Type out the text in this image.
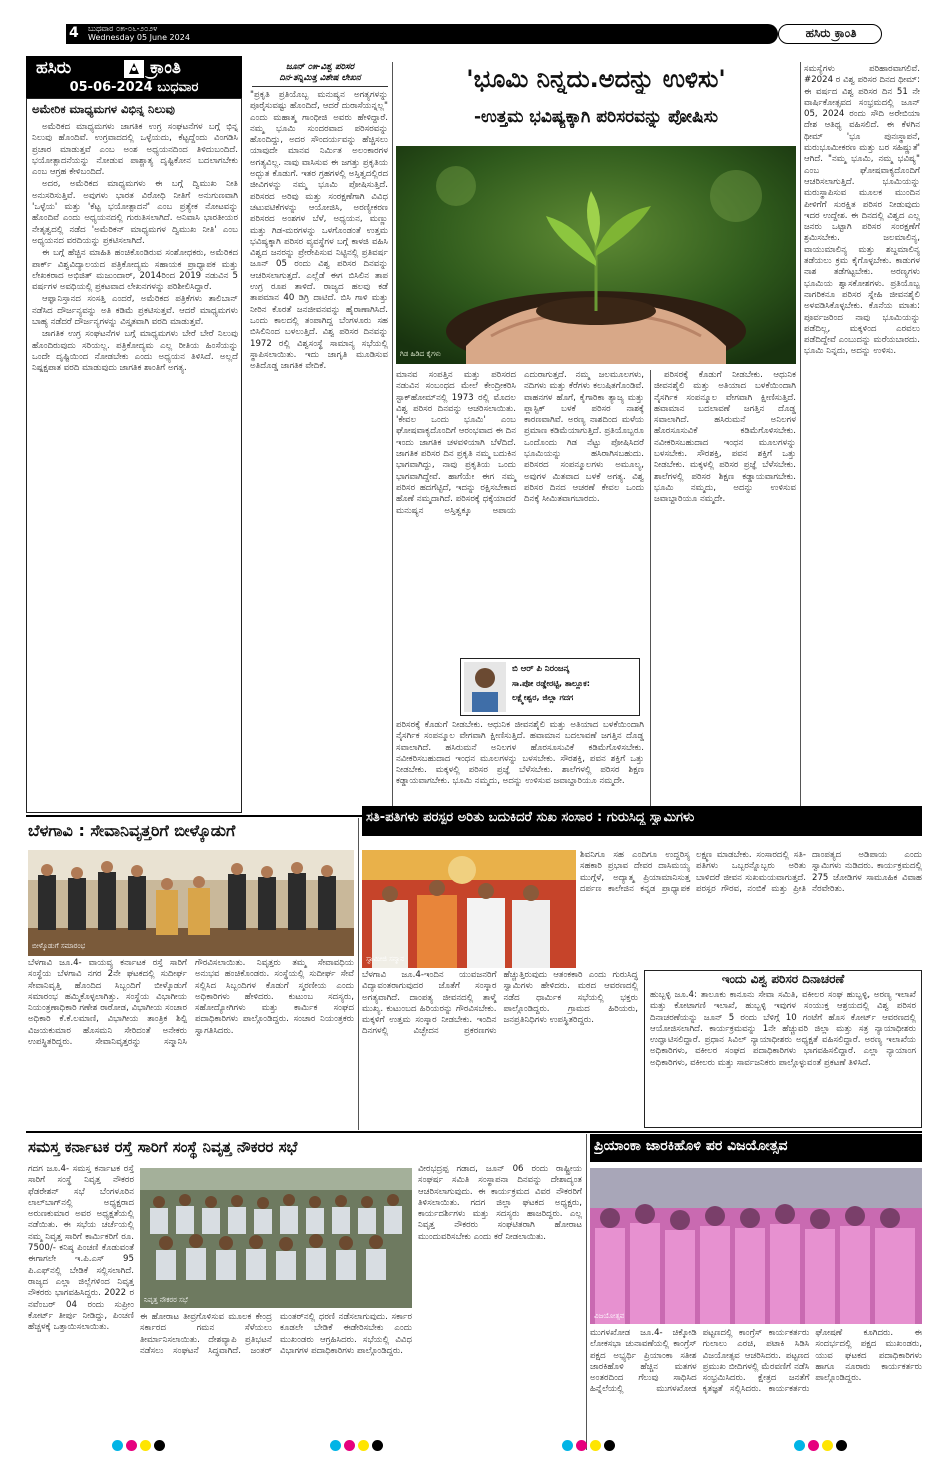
4 ಬುಧವಾರ ೦೫-೦೬-೨೦೨೪
Wednesday 05 June 2024	ಹಸಿರು ಕ್ರಾಂತಿ
ಹಸಿರು	ಕ್ರಾಂತಿ
05-06-2024 ಬುಧವಾರ
ಅಮೇರಿಕ ಮಾಧ್ಯಮಗಳ ವಿಭಿನ್ನ ನಿಲುವು

ಅಮೆರಿಕದ ಮಾಧ್ಯಮಗಳು ಜಾಗತಿಕ ಉಗ್ರ ಸಂಘಟನೆಗಳ ಬಗ್ಗೆ ಭಿನ್ನ ನಿಲುವು ಹೊಂದಿವೆ. ಉಗ್ರವಾದದಲ್ಲಿ ಒಳ್ಳೆಯದು, ಕೆಟ್ಟದ್ದೆಂದು ವಿಂಗಡಿಸಿ ಪ್ರಚಾರ ಮಾಡುತ್ತವೆ ಎಂಬ ಅಂಶ ಅಧ್ಯಯನದಿಂದ ತಿಳಿದುಬಂದಿದೆ. ಭಯೋತ್ಪಾದನೆಯನ್ನು ನೋಡುವ ಪಾಶ್ಚಾತ್ಯ ದೃಷ್ಟಿಕೋನ ಬದಲಾಗಬೇಕು ಎಂಬ ಆಗ್ರಹ ಕೇಳಿಬಂದಿದೆ.

ಅದರ, ಅಮೆರಿಕದ ಮಾಧ್ಯಮಗಳು ಈ ಬಗ್ಗೆ ದ್ವಿಮುಖ ನೀತಿ ಅನುಸರಿಸುತ್ತಿವೆ. ಅವುಗಳು ಭಾರತ ವಿರೋಧಿ ನೀತಿಗೆ ಅನುಗುಣವಾಗಿ 'ಒಳ್ಳೆಯ' ಮತ್ತು 'ಕೆಟ್ಟ ಭಯೋತ್ಪಾದನೆ' ಎಂಬ ಪ್ರತ್ಯೇಕ ನೋಟವನ್ನು ಹೊಂದಿವೆ ಎಂದು ಅಧ್ಯಯನದಲ್ಲಿ ಗುರುತಿಸಲಾಗಿದೆ. ಅನಿವಾಸಿ ಭಾರತೀಯರ ನೇತೃತ್ವದಲ್ಲಿ ನಡೆದ 'ಅಮೆರಿಕನ್ ಮಾಧ್ಯಮಗಳ ದ್ವಿಮುಖ ನೀತಿ' ಎಂಬ ಅಧ್ಯಯನದ ವರದಿಯನ್ನು ಪ್ರಕಟಿಸಲಾಗಿದೆ.

ಈ ಬಗ್ಗೆ ಹೆಚ್ಚಿನ ಮಾಹಿತಿ ಹಂಚಿಕೊಂಡಿರುವ ಸಂಶೋಧಕರು, ಅಮೆರಿಕದ ಪಾರ್ಕ್ ವಿಶ್ವವಿದ್ಯಾಲಯದ ಪತ್ರಿಕೋದ್ಯಮ ಸಹಾಯಕ ಪ್ರಾಧ್ಯಾಪಕ ಮತ್ತು ಲೇಖಕರಾದ ಅಭಿಜಿತ್ ಮಜುಂದಾರ್, 2014ರಿಂದ 2019 ನಡುವಿನ 5 ವರ್ಷಗಳ ಅವಧಿಯಲ್ಲಿ ಪ್ರಕಟವಾದ ಲೇಖನಗಳನ್ನು ಪರಿಶೀಲಿಸಿದ್ದಾರೆ.

ಆಫ್ಘಾನಿಸ್ತಾನದ ಸಂಸತ್ತಿ ಎಂದರೆ, ಅಮೆರಿಕದ ಪತ್ರಿಕೆಗಳು ತಾಲಿಬಾನ್ ನಡೆಸಿದ ದೌರ್ಜನ್ಯವನ್ನು ಅತಿ ಕಡಿಮೆ ಪ್ರಕಟಿಸುತ್ತವೆ. ಆದರೆ ಮಾಧ್ಯಮಗಳು ಬಾಹ್ಯ ನಡೆದರೆ ದೌರ್ಜನ್ಯಗಳನ್ನು ವಿಸ್ತೃತವಾಗಿ ವರದಿ ಮಾಡುತ್ತವೆ.

ಜಾಗತಿಕ ಉಗ್ರ ಸಂಘಟನೆಗಳ ಬಗ್ಗೆ ಮಾಧ್ಯಮಗಳು ಬೇರೆ ಬೇರೆ ನಿಲುವು ಹೊಂದಿರುವುದು ಸರಿಯಲ್ಲ. ಪತ್ರಿಕೋದ್ಯಮ ಎಲ್ಲ ರೀತಿಯ ಹಿಂಸೆಯನ್ನು ಒಂದೇ ದೃಷ್ಟಿಯಿಂದ ನೋಡಬೇಕು ಎಂದು ಅಧ್ಯಯನ ತಿಳಿಸಿದೆ. ಅಲ್ಲದೆ ನಿಷ್ಪಕ್ಷಪಾತ ವರದಿ ಮಾಡುವುದು ಜಾಗತಿಕ ಶಾಂತಿಗೆ ಅಗತ್ಯ.

ಜೂನ್ ೦೫-ವಿಶ್ವ ಪರಿಸರ
ದಿನ-ತನ್ನಿಮಿತ್ತ ವಿಶೇಷ ಲೇಖನ
"ಪ್ರಕೃತಿ ಪ್ರತಿಯೊಬ್ಬ ಮನುಷ್ಯನ ಅಗತ್ಯಗಳನ್ನು ಪೂರೈಸುವಷ್ಟು ಹೊಂದಿದೆ, ಆದರೆ ದುರಾಸೆಯನ್ನಲ್ಲ" ಎಂದು ಮಹಾತ್ಮ ಗಾಂಧೀಜಿ ಅವರು ಹೇಳಿದ್ದಾರೆ. ನಮ್ಮ ಭೂಮಿ ಸುಂದರವಾದ ಪರಿಸರವನ್ನು ಹೊಂದಿದ್ದು, ಅದರ ಸೌಂದರ್ಯವನ್ನು ಹೆಚ್ಚಿಸಲು ಯಾವುದೇ ಮಾನವ ನಿರ್ಮಿತ ಅಲಂಕಾರಗಳ ಅಗತ್ಯವಿಲ್ಲ. ನಾವು ವಾಸಿಸುವ ಈ ಜಗತ್ತು ಪ್ರಕೃತಿಯ ಅದ್ಭುತ ಕೊಡುಗೆ. ಇತರ ಗ್ರಹಗಳಲ್ಲಿ ಅಸ್ತಿತ್ವದಲ್ಲಿರದ ಜೀವಿಗಳನ್ನು ನಮ್ಮ ಭೂಮಿ ಪೋಷಿಸುತ್ತಿದೆ. ಪರಿಸರದ ಅರಿವು ಮತ್ತು ಸಂರಕ್ಷಣೆಗಾಗಿ ವಿವಿಧ ಚಟುವಟಿಕೆಗಳನ್ನು ಆಯೋಜಿಸಿ, ಅರಣ್ಯೀಕರಣ ಪರಿಸರದ ಅಂಶಗಳ ಬೆಳೆ, ಅಧ್ಯಯನ, ಮಣ್ಣು ಮತ್ತು ಗಿಡ-ಮರಗಳನ್ನು ಒಳಗೊಂಡಂತೆ ಉತ್ತಮ ಭವಿಷ್ಯಕ್ಕಾಗಿ ಪರಿಸರ ವ್ಯವಸ್ಥೆಗಳ ಬಗ್ಗೆ ಕಾಳಜಿ ವಹಿಸಿ ವಿಶ್ವದ ಜನರನ್ನು ಪ್ರೇರೇಪಿಸುವ ನಿಟ್ಟಿನಲ್ಲಿ ಪ್ರತಿವರ್ಷ ಜೂನ್ 05 ರಂದು ವಿಶ್ವ ಪರಿಸರ ದಿನವನ್ನು ಆಚರಿಸಲಾಗುತ್ತದೆ. ಎಲ್ಲೆಡೆ ಈಗ ಬಿಸಿಲಿನ ತಾಪ ಉಗ್ರ ರೂಪ ತಾಳಿದೆ. ರಾಜ್ಯದ ಹಲವು ಕಡೆ ತಾಪಮಾನ 40 ಡಿಗ್ರಿ ದಾಟಿದೆ. ಬಿಸಿ ಗಾಳಿ ಮತ್ತು ನೀರಿನ ಕೊರತೆ ಜನಜೀವನವನ್ನು ಹೈರಾಣಾಗಿಸಿದೆ. ಒಂದು ಕಾಲದಲ್ಲಿ ತಂಪಾಗಿದ್ದ ಬೆಂಗಳೂರು ಸಹ ಬಿಸಿಲಿನಿಂದ ಬಳಲುತ್ತಿದೆ. ವಿಶ್ವ ಪರಿಸರ ದಿನವನ್ನು 1972 ರಲ್ಲಿ ವಿಶ್ವಸಂಸ್ಥೆ ಸಾಮಾನ್ಯ ಸಭೆಯಲ್ಲಿ ಸ್ಥಾಪಿಸಲಾಯಿತು. ಇದು ಜಾಗೃತಿ ಮೂಡಿಸುವ ಅತಿದೊಡ್ಡ ಜಾಗತಿಕ ವೇದಿಕೆ.
'ಭೂಮಿ ನಿನ್ನದು.ಅದನ್ನು ಉಳಿಸು'
-ಉತ್ತಮ ಭವಿಷ್ಯಕ್ಕಾಗಿ ಪರಿಸರವನ್ನು ಪೋಷಿಸು
ಗಿಡ ಹಿಡಿದ ಕೈಗಳು
ಮಾನವ ಸಂಪತ್ತಿನ ಮತ್ತು ಪರಿಸರದ ನಡುವಿನ ಸಂಬಂಧದ ಮೇಲೆ ಕೇಂದ್ರೀಕರಿಸಿ ಸ್ಟಾಕ್‌ಹೋಮ್‌ನಲ್ಲಿ 1973 ರಲ್ಲಿ ಮೊದಲ ವಿಶ್ವ ಪರಿಸರ ದಿನವನ್ನು ಆಚರಿಸಲಾಯಿತು. 'ಕೇವಲ ಒಂದು ಭೂಮಿ' ಎಂಬ ಘೋಷವಾಕ್ಯದೊಂದಿಗೆ ಆರಂಭವಾದ ಈ ದಿನ ಇಂದು ಜಾಗತಿಕ ಚಳವಳಿಯಾಗಿ ಬೆಳೆದಿದೆ. ಜಾಗತಿಕ ಪರಿಸರ ದಿನ ಪ್ರಕೃತಿ ನಮ್ಮ ಬದುಕಿನ ಭಾಗವಾಗಿದ್ದು, ನಾವು ಪ್ರಕೃತಿಯ ಒಂದು ಭಾಗವಾಗಿದ್ದೇವೆ. ಹಾಗೆಯೇ ಈಗ ನಮ್ಮ ಪರಿಸರ ಹದಗೆಟ್ಟಿದೆ, ಇದನ್ನು ರಕ್ಷಿಸಬೇಕಾದ ಹೊಣೆ ನಮ್ಮದಾಗಿದೆ. ಪರಿಸರಕ್ಕೆ ಧಕ್ಕೆಯಾದರೆ ಮನುಷ್ಯನ ಅಸ್ತಿತ್ವಕ್ಕೂ ಅಪಾಯ ಎದುರಾಗುತ್ತದೆ. ನಮ್ಮ ಜಲಮೂಲಗಳು, ನದಿಗಳು ಮತ್ತು ಕೆರೆಗಳು ಕಲುಷಿತಗೊಂಡಿವೆ. ವಾಹನಗಳ ಹೊಗೆ, ಕೈಗಾರಿಕಾ ತ್ಯಾಜ್ಯ ಮತ್ತು ಪ್ಲಾಸ್ಟಿಕ್ ಬಳಕೆ ಪರಿಸರ ನಾಶಕ್ಕೆ ಕಾರಣವಾಗಿವೆ. ಅರಣ್ಯ ನಾಶದಿಂದ ಮಳೆಯ ಪ್ರಮಾಣ ಕಡಿಮೆಯಾಗುತ್ತಿದೆ. ಪ್ರತಿಯೊಬ್ಬರೂ ಒಂದೊಂದು ಗಿಡ ನೆಟ್ಟು ಪೋಷಿಸಿದರೆ ಭೂಮಿಯನ್ನು ಹಸಿರಾಗಿಸಬಹುದು. ಪರಿಸರದ ಸಂಪನ್ಮೂಲಗಳು ಅಮೂಲ್ಯ, ಅವುಗಳ ಮಿತವಾದ ಬಳಕೆ ಅಗತ್ಯ. ವಿಶ್ವ ಪರಿಸರ ದಿನದ ಆಚರಣೆ ಕೇವಲ ಒಂದು ದಿನಕ್ಕೆ ಸೀಮಿತವಾಗಬಾರದು.
ಪರಿಸರಕ್ಕೆ ಕೊಡುಗೆ ನೀಡಬೇಕು. ಆಧುನಿಕ ಜೀವನಶೈಲಿ ಮತ್ತು ಅತಿಯಾದ ಬಳಕೆಯಿಂದಾಗಿ ನೈಸರ್ಗಿಕ ಸಂಪನ್ಮೂಲ ವೇಗವಾಗಿ ಕ್ಷೀಣಿಸುತ್ತಿದೆ. ಹವಾಮಾನ ಬದಲಾವಣೆ ಜಗತ್ತಿನ ದೊಡ್ಡ ಸವಾಲಾಗಿದೆ. ಹಸಿರುಮನೆ ಅನಿಲಗಳ ಹೊರಸೂಸುವಿಕೆ ಕಡಿಮೆಗೊಳಿಸಬೇಕು. ನವೀಕರಿಸಬಹುದಾದ ಇಂಧನ ಮೂಲಗಳನ್ನು ಬಳಸಬೇಕು. ಸೌರಶಕ್ತಿ, ಪವನ ಶಕ್ತಿಗೆ ಒತ್ತು ನೀಡಬೇಕು. ಮಕ್ಕಳಲ್ಲಿ ಪರಿಸರ ಪ್ರಜ್ಞೆ ಬೆಳೆಸಬೇಕು. ಶಾಲೆಗಳಲ್ಲಿ ಪರಿಸರ ಶಿಕ್ಷಣ ಕಡ್ಡಾಯವಾಗಬೇಕು. ಭೂಮಿ ನಮ್ಮದು, ಅದನ್ನು ಉಳಿಸುವ ಜವಾಬ್ದಾರಿಯೂ ನಮ್ಮದೇ.
ಬಿ ಆರ್ ಪಿ ನಿರಂಜನ್ಕ
ಸಾ.ಪೋ ರಡ್ಡೇರಟ್ಟಿ, ತಾಲ್ಲೂಕ:
ಲಕ್ಷ್ಮೇಶ್ವರ, ಜಿಲ್ಲಾ ಗದಗ
ಸಮಸ್ಯೆಗಳು ಪರಿಹಾರವಾಗಲಿವೆ. #2024 ರ ವಿಶ್ವ ಪರಿಸರ ದಿನದ ಥೀಮ್: ಈ ವರ್ಷದ ವಿಶ್ವ ಪರಿಸರ ದಿನ 51 ನೇ ವಾರ್ಷಿಕೋತ್ಸವದ ಸಂಭ್ರಮದಲ್ಲಿ ಜೂನ್ 05, 2024 ರಂದು ಸೌದಿ ಅರೇಬಿಯಾ ದೇಶ ಆತಿಥ್ಯ ವಹಿಸಲಿದೆ. ಈ ಕೆಳಗಿನ ಥೀಮ್ 'ಭೂ ಪುನಃಸ್ಥಾಪನೆ, ಮರುಭೂಮೀಕರಣ ಮತ್ತು ಬರ ಸಹಿಷ್ಣುತೆ' ಆಗಿದೆ. "ನಮ್ಮ ಭೂಮಿ, ನಮ್ಮ ಭವಿಷ್ಯ" ಎಂಬ ಘೋಷವಾಕ್ಯದೊಂದಿಗೆ ಆಚರಿಸಲಾಗುತ್ತಿದೆ. ಭೂಮಿಯನ್ನು ಮರುಸ್ಥಾಪಿಸುವ ಮೂಲಕ ಮುಂದಿನ ಪೀಳಿಗೆಗೆ ಸುರಕ್ಷಿತ ಪರಿಸರ ನೀಡುವುದು ಇದರ ಉದ್ದೇಶ. ಈ ದಿನದಲ್ಲಿ ವಿಶ್ವದ ಎಲ್ಲ ಜನರು ಒಟ್ಟಾಗಿ ಪರಿಸರ ಸಂರಕ್ಷಣೆಗೆ ಶ್ರಮಿಸಬೇಕು. ಜಲಮಾಲಿನ್ಯ, ವಾಯುಮಾಲಿನ್ಯ ಮತ್ತು ಶಬ್ದಮಾಲಿನ್ಯ ತಡೆಯಲು ಕ್ರಮ ಕೈಗೊಳ್ಳಬೇಕು. ಕಾಡುಗಳ ನಾಶ ತಡೆಗಟ್ಟಬೇಕು. ಅರಣ್ಯಗಳು ಭೂಮಿಯ ಶ್ವಾಸಕೋಶಗಳು. ಪ್ರತಿಯೊಬ್ಬ ನಾಗರಿಕನೂ ಪರಿಸರ ಸ್ನೇಹಿ ಜೀವನಶೈಲಿ ಅಳವಡಿಸಿಕೊಳ್ಳಬೇಕು. ಕೊನೆಯ ಮಾತು: ಪೂರ್ವಜರಿಂದ ನಾವು ಭೂಮಿಯನ್ನು ಪಡೆದಿಲ್ಲ, ಮಕ್ಕಳಿಂದ ಎರವಲು ಪಡೆದಿದ್ದೇವೆ ಎಂಬುದನ್ನು ಮರೆಯಬಾರದು. ಭೂಮಿ ನಿನ್ನದು, ಅದನ್ನು ಉಳಿಸು.

ಪರಿಸರಕ್ಕೆ ಕೊಡುಗೆ ನೀಡಬೇಕು. ಆಧುನಿಕ ಜೀವನಶೈಲಿ ಮತ್ತು ಅತಿಯಾದ ಬಳಕೆಯಿಂದಾಗಿ ನೈಸರ್ಗಿಕ ಸಂಪನ್ಮೂಲ ವೇಗವಾಗಿ ಕ್ಷೀಣಿಸುತ್ತಿದೆ. ಹವಾಮಾನ ಬದಲಾವಣೆ ಜಗತ್ತಿನ ದೊಡ್ಡ ಸವಾಲಾಗಿದೆ. ಹಸಿರುಮನೆ ಅನಿಲಗಳ ಹೊರಸೂಸುವಿಕೆ ಕಡಿಮೆಗೊಳಿಸಬೇಕು. ನವೀಕರಿಸಬಹುದಾದ ಇಂಧನ ಮೂಲಗಳನ್ನು ಬಳಸಬೇಕು. ಸೌರಶಕ್ತಿ, ಪವನ ಶಕ್ತಿಗೆ ಒತ್ತು ನೀಡಬೇಕು. ಮಕ್ಕಳಲ್ಲಿ ಪರಿಸರ ಪ್ರಜ್ಞೆ ಬೆಳೆಸಬೇಕು. ಶಾಲೆಗಳಲ್ಲಿ ಪರಿಸರ ಶಿಕ್ಷಣ ಕಡ್ಡಾಯವಾಗಬೇಕು. ಭೂಮಿ ನಮ್ಮದು, ಅದನ್ನು ಉಳಿಸುವ ಜವಾಬ್ದಾರಿಯೂ ನಮ್ಮದೇ.

ಬೆಳಗಾವಿ : ಸೇವಾನಿವೃತ್ತರಿಗೆ ಬೀಳ್ಕೊಡುಗೆ
ಬೀಳ್ಕೊಡುಗೆ ಸಮಾರಂಭ
ಬೆಳಗಾವಿ ಜೂ.4- ವಾಯವ್ಯ ಕರ್ನಾಟಕ ರಸ್ತೆ ಸಾರಿಗೆ ಸಂಸ್ಥೆಯ ಬೆಳಗಾವಿ ನಗರ 2ನೇ ಘಟಕದಲ್ಲಿ ಸುದೀರ್ಘ ಸೇವಾನಿವೃತ್ತಿ ಹೊಂದಿದ ಸಿಬ್ಬಂದಿಗೆ ಬೀಳ್ಕೊಡುಗೆ ಸಮಾರಂಭ ಹಮ್ಮಿಕೊಳ್ಳಲಾಗಿತ್ತು. ಸಂಸ್ಥೆಯ ವಿಭಾಗೀಯ ನಿಯಂತ್ರಣಾಧಿಕಾರಿ ಗಣೇಶ ರಾಠೋಡ, ವಿಭಾಗೀಯ ಸಂಚಾರ ಅಧಿಕಾರಿ ಕೆ.ಕೆ.ಲಮಾಣಿ, ವಿಭಾಗೀಯ ತಾಂತ್ರಿಕ ಶಿಲ್ಪಿ ವಿಜಯಕುಮಾರ ಹೊಸಮನಿ ಸೇರಿದಂತೆ ಅನೇಕರು ಉಪಸ್ಥಿತರಿದ್ದರು. ಸೇವಾನಿವೃತ್ತರನ್ನು ಸನ್ಮಾನಿಸಿ ಗೌರವಿಸಲಾಯಿತು. ನಿವೃತ್ತರು ತಮ್ಮ ಸೇವಾವಧಿಯ ಅನುಭವ ಹಂಚಿಕೊಂಡರು. ಸಂಸ್ಥೆಯಲ್ಲಿ ಸುದೀರ್ಘ ಸೇವೆ ಸಲ್ಲಿಸಿದ ಸಿಬ್ಬಂದಿಗಳ ಕೊಡುಗೆ ಸ್ಮರಣೀಯ ಎಂದು ಅಧಿಕಾರಿಗಳು ಹೇಳಿದರು. ಕುಟುಂಬ ಸದಸ್ಯರು, ಸಹೋದ್ಯೋಗಿಗಳು ಮತ್ತು ಕಾರ್ಮಿಕ ಸಂಘದ ಪದಾಧಿಕಾರಿಗಳು ಪಾಲ್ಗೊಂಡಿದ್ದರು. ಸಂಚಾರ ನಿಯಂತ್ರಕರು ಸ್ವಾಗತಿಸಿದರು.
ಸತಿ-ಪತಿಗಳು ಪರಸ್ಪರ ಅರಿತು ಬದುಕಿದರೆ ಸುಖ ಸಂಸಾರ : ಗುರುಸಿದ್ಧ ಸ್ವಾಮಿಗಳು
ಸ್ವಾಮೀಜಿ ಸನ್ಮಾನ
ಶಿವನಿಗೂ ಸಹ ಎಂದಿಗೂ ಉದ್ದರಿಸ್ಯ ಸಹಕಾರಿ ಪ್ರಭಾವ ದೇವರ ದಾಸಿಮಯ್ಯ ಮುಗ್ಗೆಳೆ, ಅದ್ಯಾತ್ಮ ಪ್ರಿಯಾಮಾನಿಸುತ್ತ ದರ್ಪಣ ಕಾಲೇಜಿನ ಕನ್ನಡ ಪ್ರಾಧ್ಯಾಪಕ ಲಕ್ಷ್ಮಣ ಮಾಡಬೇಕು. ಸಂಸಾರದಲ್ಲಿ ಸತಿ-ಪತಿಗಳು ಒಬ್ಬರನ್ನೊಬ್ಬರು ಅರಿತು ಬಾಳಿದರೆ ಜೀವನ ಸುಖಮಯವಾಗುತ್ತದೆ. ಪರಸ್ಪರ ಗೌರವ, ನಂಬಿಕೆ ಮತ್ತು ಪ್ರೀತಿ ದಾಂಪತ್ಯದ ಅಡಿಪಾಯ ಎಂದು ಸ್ವಾಮಿಗಳು ನುಡಿದರು. ಕಾರ್ಯಕ್ರಮದಲ್ಲಿ 275 ಜೋಡಿಗಳ ಸಾಮೂಹಿಕ ವಿವಾಹ ನೆರವೇರಿತು.
ಬೆಳಗಾವಿ ಜೂ.4-ಇಂದಿನ ಯುವಜನರಿಗೆ ವಿದ್ಯಾವಂತರಾಗುವುದರ ಜೊತೆಗೆ ಸಂಸ್ಕಾರ ಅಗತ್ಯವಾಗಿದೆ. ದಾಂಪತ್ಯ ಜೀವನದಲ್ಲಿ ತಾಳ್ಮೆ ಮುಖ್ಯ. ಕುಟುಂಬದ ಹಿರಿಯರನ್ನು ಗೌರವಿಸಬೇಕು. ಮಕ್ಕಳಿಗೆ ಉತ್ತಮ ಸಂಸ್ಕಾರ ನೀಡಬೇಕು. ಇಂದಿನ ದಿನಗಳಲ್ಲಿ ವಿಚ್ಛೇದನ ಪ್ರಕರಣಗಳು ಹೆಚ್ಚುತ್ತಿರುವುದು ಆತಂಕಕಾರಿ ಎಂದು ಗುರುಸಿದ್ಧ ಸ್ವಾಮಿಗಳು ಹೇಳಿದರು. ಮಠದ ಆವರಣದಲ್ಲಿ ನಡೆದ ಧಾರ್ಮಿಕ ಸಭೆಯಲ್ಲಿ ಭಕ್ತರು ಪಾಲ್ಗೊಂಡಿದ್ದರು. ಗ್ರಾಮದ ಹಿರಿಯರು, ಜನಪ್ರತಿನಿಧಿಗಳು ಉಪಸ್ಥಿತರಿದ್ದರು.
ಇಂದು ವಿಶ್ವ ಪರಿಸರ ದಿನಾಚರಣೆ
ಹುಬ್ಬಳ್ಳಿ ಜೂ.4: ತಾಲೂಕು ಕಾನೂನು ಸೇವಾ ಸಮಿತಿ, ವಕೀಲರ ಸಂಘ ಹುಬ್ಬಳ್ಳಿ, ಅರಣ್ಯ ಇಲಾಖೆ ಮತ್ತು ಕೋಟಾಗಣಿ ಇಲಾಖೆ, ಹುಬ್ಬಳ್ಳಿ ಇವುಗಳ ಸಂಯುಕ್ತ ಆಶ್ರಯದಲ್ಲಿ ವಿಶ್ವ ಪರಿಸರ ದಿನಾಚರಣೆಯನ್ನು ಜೂನ್ 5 ರಂದು ಬೆಳಿಗ್ಗೆ 10 ಗಂಟೆಗೆ ಹೊಸ ಕೋರ್ಟ್ ಆವರಣದಲ್ಲಿ ಆಯೋಜಿಸಲಾಗಿದೆ. ಕಾರ್ಯಕ್ರಮವನ್ನು 1ನೇ ಹೆಚ್ಚುವರಿ ಜಿಲ್ಲಾ ಮತ್ತು ಸತ್ರ ನ್ಯಾಯಾಧೀಶರು ಉದ್ಘಾಟಿಸಲಿದ್ದಾರೆ. ಪ್ರಧಾನ ಸಿವಿಲ್ ನ್ಯಾಯಾಧೀಶರು ಅಧ್ಯಕ್ಷತೆ ವಹಿಸಲಿದ್ದಾರೆ. ಅರಣ್ಯ ಇಲಾಖೆಯ ಅಧಿಕಾರಿಗಳು, ವಕೀಲರ ಸಂಘದ ಪದಾಧಿಕಾರಿಗಳು ಭಾಗವಹಿಸಲಿದ್ದಾರೆ. ಎಲ್ಲಾ ನ್ಯಾಯಾಂಗ ಅಧಿಕಾರಿಗಳು, ವಕೀಲರು ಮತ್ತು ಸಾರ್ವಜನಿಕರು ಪಾಲ್ಗೊಳ್ಳುವಂತೆ ಪ್ರಕಟಣೆ ತಿಳಿಸಿದೆ.
ಸಮಸ್ತ ಕರ್ನಾಟಕ ರಸ್ತೆ ಸಾರಿಗೆ ಸಂಸ್ಥೆ ನಿವೃತ್ತ ನೌಕರರ ಸಭೆ
ಗದಗ ಜೂ.4- ಸಮಸ್ತ ಕರ್ನಾಟಕ ರಸ್ತೆ ಸಾರಿಗೆ ಸಂಸ್ಥೆ ನಿವೃತ್ತ ನೌಕರರ ಫೆಡರೇಶನ್ ಸಭೆ ಬೆಂಗಳೂರಿನ ಲಾಲ್‌ಬಾಗ್‌ನಲ್ಲಿ ಅಧ್ಯಕ್ಷರಾದ ಅರುಣಕುಮಾರ ಅವರ ಅಧ್ಯಕ್ಷತೆಯಲ್ಲಿ ನಡೆಯಿತು. ಈ ಸಭೆಯ ಚರ್ಚೆಯಲ್ಲಿ ನಮ್ಮ ನಿವೃತ್ತ ಸಾರಿಗೆ ಕಾರ್ಮಿಕರಿಗೆ ರೂ. 7500/- ಕನಿಷ್ಠ ಪಿಂಚಣಿ ಕೊಡುವಂತೆ ಈಗಾಗಲೇ ಇ.ಪಿ.ಎಸ್ 95 ಪಿ.ಎಫ್‌ನಲ್ಲಿ ಬೇಡಿಕೆ ಸಲ್ಲಿಸಲಾಗಿದೆ. ರಾಜ್ಯದ ಎಲ್ಲಾ ಜಿಲ್ಲೆಗಳಿಂದ ನಿವೃತ್ತ ನೌಕರರು ಭಾಗವಹಿಸಿದ್ದರು. 2022 ರ ನವೆಂಬರ್ 04 ರಂದು ಸುಪ್ರೀಂ ಕೋರ್ಟ್ ತೀರ್ಪು ನೀಡಿದ್ದು, ಪಿಂಚಣಿ ಹೆಚ್ಚಳಕ್ಕೆ ಒತ್ತಾಯಿಸಲಾಯಿತು.
ನಿವೃತ್ತ ನೌಕರರ ಸಭೆ
ಈ ಹೋರಾಟ ತೀವ್ರಗೊಳಿಸುವ ಮೂಲಕ ಕೇಂದ್ರ ಸರ್ಕಾರದ ಗಮನ ಸೆಳೆಯಲು ತೀರ್ಮಾನಿಸಲಾಯಿತು. ದೇಶವ್ಯಾಪಿ ಪ್ರತಿಭಟನೆ ನಡೆಸಲು ಸಂಘಟನೆ ಸಿದ್ಧವಾಗಿದೆ. ಜಂತರ್ ಮಂತರ್‌ನಲ್ಲಿ ಧರಣಿ ನಡೆಸಲಾಗುವುದು. ಸರ್ಕಾರ ಕೂಡಲೇ ಬೇಡಿಕೆ ಈಡೇರಿಸಬೇಕು ಎಂದು ಮುಖಂಡರು ಆಗ್ರಹಿಸಿದರು. ಸಭೆಯಲ್ಲಿ ವಿವಿಧ ವಿಭಾಗಗಳ ಪದಾಧಿಕಾರಿಗಳು ಪಾಲ್ಗೊಂಡಿದ್ದರು.
ವೀರಭದ್ರಪ್ಪ ಗಡಾದ, ಜೂನ್ 06 ರಂದು ರಾಷ್ಟ್ರೀಯ ಸಂಘರ್ಷ ಸಮಿತಿ ಸಂಸ್ಥಾಪನಾ ದಿನವನ್ನು ದೇಶಾದ್ಯಂತ ಆಚರಿಸಲಾಗುವುದು. ಈ ಕಾರ್ಯಕ್ರಮದ ವಿವರ ನೌಕರರಿಗೆ ತಿಳಿಸಲಾಯಿತು. ಗದಗ ಜಿಲ್ಲಾ ಘಟಕದ ಅಧ್ಯಕ್ಷರು, ಕಾರ್ಯದರ್ಶಿಗಳು ಮತ್ತು ಸದಸ್ಯರು ಹಾಜರಿದ್ದರು. ಎಲ್ಲ ನಿವೃತ್ತ ನೌಕರರು ಸಂಘಟಿತರಾಗಿ ಹೋರಾಟ ಮುಂದುವರಿಸಬೇಕು ಎಂದು ಕರೆ ನೀಡಲಾಯಿತು.
ಪ್ರಿಯಾಂಕಾ ಜಾರಕಿಹೊಳಿ ಪರ ವಿಜಯೋತ್ಸವ
ವಿಜಯೋತ್ಸವ
ಮುಗಳಖೋಡ ಜೂ.4- ಚಿಕ್ಕೋಡಿ ಲೋಕಸಭಾ ಚುನಾವಣೆಯಲ್ಲಿ ಕಾಂಗ್ರೆಸ್ ಪಕ್ಷದ ಅಭ್ಯರ್ಥಿ ಪ್ರಿಯಾಂಕಾ ಸತೀಶ ಜಾರಕಿಹೊಳಿ ಹೆಚ್ಚಿನ ಮತಗಳ ಅಂತರದಿಂದ ಗೆಲುವು ಸಾಧಿಸಿದ ಹಿನ್ನೆಲೆಯಲ್ಲಿ ಮುಗಳಖೋಡ ಪಟ್ಟಣದಲ್ಲಿ ಕಾಂಗ್ರೆಸ್ ಕಾರ್ಯಕರ್ತರು ಗುಲಾಲು ಎರಚಿ, ಪಟಾಕಿ ಸಿಡಿಸಿ ವಿಜಯೋತ್ಸವ ಆಚರಿಸಿದರು. ಪಟ್ಟಣದ ಪ್ರಮುಖ ಬೀದಿಗಳಲ್ಲಿ ಮೆರವಣಿಗೆ ನಡೆಸಿ ಸಂಭ್ರಮಿಸಿದರು. ಕ್ಷೇತ್ರದ ಜನತೆಗೆ ಕೃತಜ್ಞತೆ ಸಲ್ಲಿಸಿದರು. ಕಾರ್ಯಕರ್ತರು ಘೋಷಣೆ ಕೂಗಿದರು. ಈ ಸಂದರ್ಭದಲ್ಲಿ ಪಕ್ಷದ ಮುಖಂಡರು, ಯುವ ಘಟಕದ ಪದಾಧಿಕಾರಿಗಳು ಹಾಗೂ ನೂರಾರು ಕಾರ್ಯಕರ್ತರು ಪಾಲ್ಗೊಂಡಿದ್ದರು.
